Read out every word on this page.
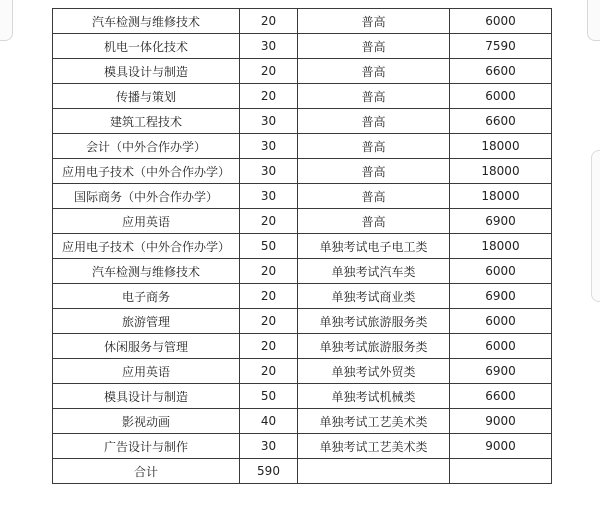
汽车检测与维修技术	20	普高	6000
机电一体化技术	30	普高	7590
模具设计与制造	20	普高	6600
传播与策划	20	普高	6000
建筑工程技术	30	普高	6600
会计（中外合作办学）	30	普高	18000
应用电子技术（中外合作办学）	30	普高	18000
国际商务（中外合作办学）	30	普高	18000
应用英语	20	普高	6900
应用电子技术（中外合作办学）	50	单独考试电子电工类	18000
汽车检测与维修技术	20	单独考试汽车类	6000
电子商务	20	单独考试商业类	6900
旅游管理	20	单独考试旅游服务类	6000
休闲服务与管理	20	单独考试旅游服务类	6000
应用英语	20	单独考试外贸类	6900
模具设计与制造	50	单独考试机械类	6600
影视动画	40	单独考试工艺美术类	9000
广告设计与制作	30	单独考试工艺美术类	9000
合计	590		
